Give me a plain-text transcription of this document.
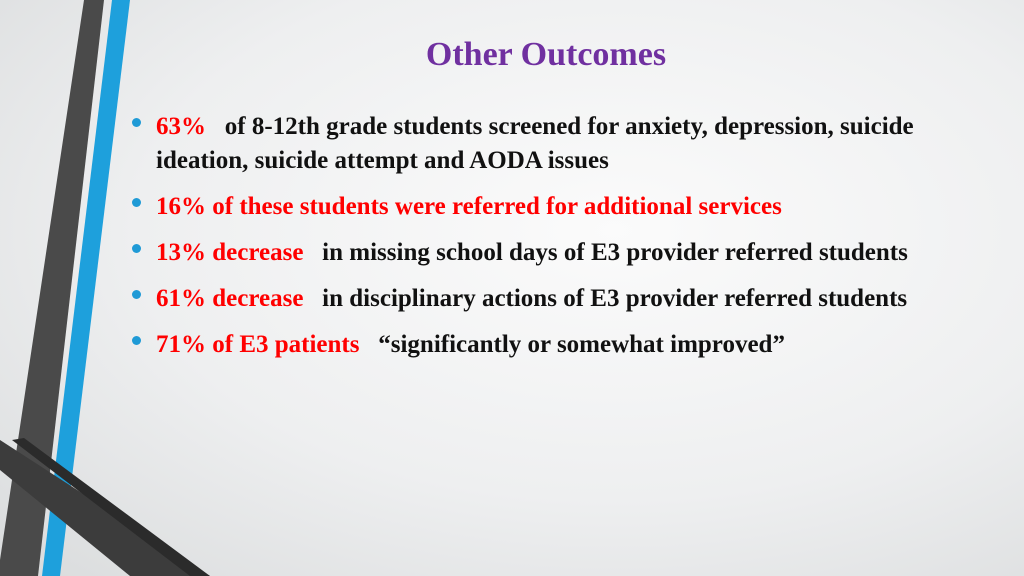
Other Outcomes
63% of 8-12th grade students screened for anxiety, depression, suicide ideation, suicide attempt and AODA issues
16% of these students were referred for additional services
13% decrease in missing school days of E3 provider referred students
61% decrease in disciplinary actions of E3 provider referred students
71% of E3 patients “significantly or somewhat improved”
